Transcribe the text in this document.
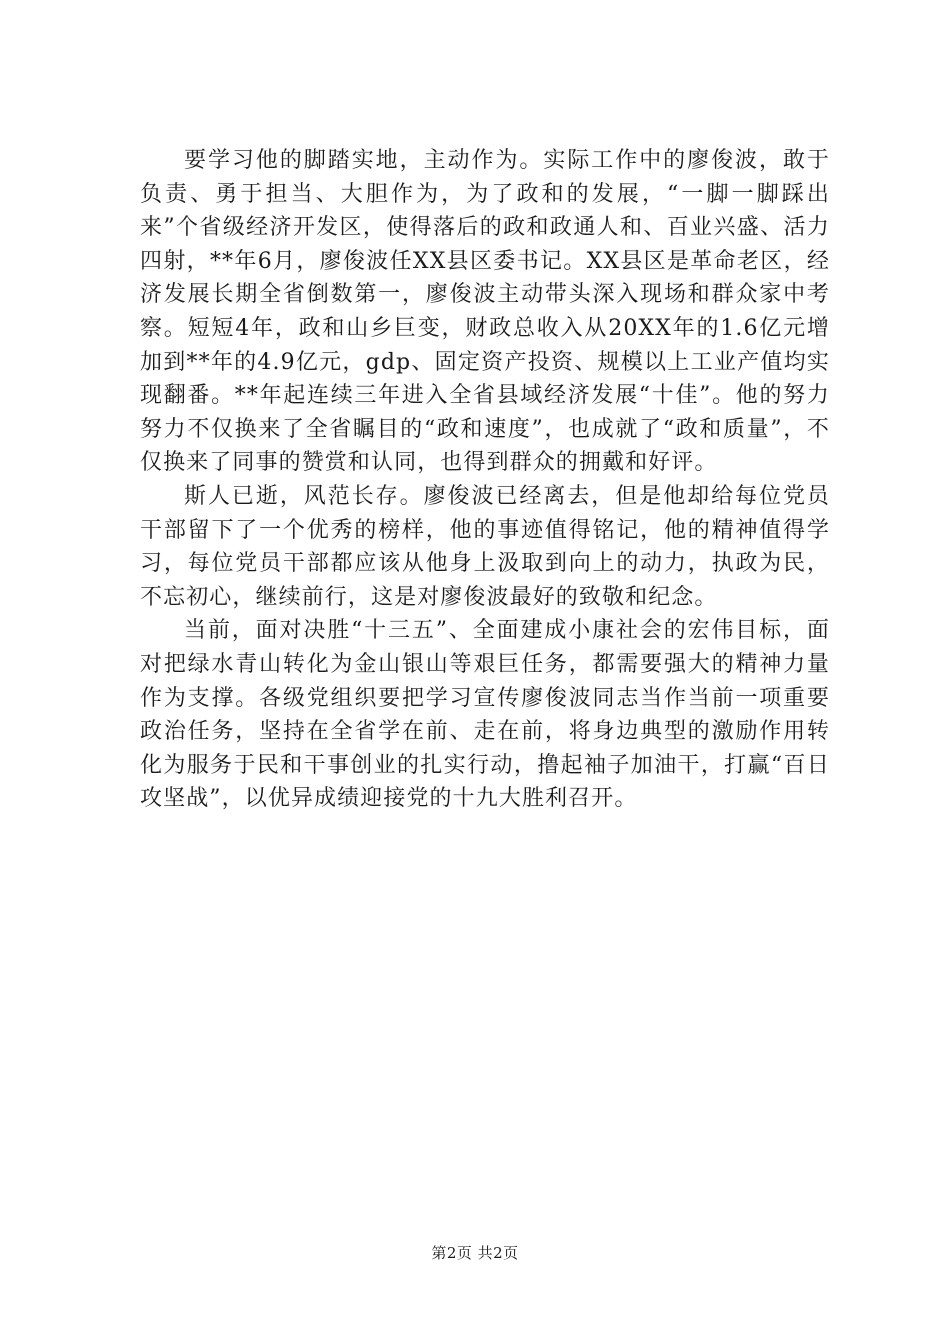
要学习他的脚踏实地，主动作为。实际工作中的廖俊波，敢于负责、勇于担当、大胆作为，为了政和的发展，“一脚一脚踩出来”个省级经济开发区，使得落后的政和政通人和、百业兴盛、活力四射，**年6月，廖俊波任XX县区委书记。XX县区是革命老区，经济发展长期全省倒数第一，廖俊波主动带头深入现场和群众家中考察。短短4年，政和山乡巨变，财政总收入从20XX年的1.6亿元增加到**年的4.9亿元，gdp、固定资产投资、规模以上工业产值均实现翻番。**年起连续三年进入全省县域经济发展“十佳”。他的努力努力不仅换来了全省瞩目的“政和速度”，也成就了“政和质量”，不仅换来了同事的赞赏和认同，也得到群众的拥戴和好评。

斯人已逝，风范长存。廖俊波已经离去，但是他却给每位党员干部留下了一个优秀的榜样，他的事迹值得铭记，他的精神值得学习，每位党员干部都应该从他身上汲取到向上的动力，执政为民，不忘初心，继续前行，这是对廖俊波最好的致敬和纪念。

当前，面对决胜“十三五”、全面建成小康社会的宏伟目标，面对把绿水青山转化为金山银山等艰巨任务，都需要强大的精神力量作为支撑。各级党组织要把学习宣传廖俊波同志当作当前一项重要政治任务，坚持在全省学在前、走在前，将身边典型的激励作用转化为服务于民和干事创业的扎实行动，撸起袖子加油干，打赢“百日攻坚战”，以优异成绩迎接党的十九大胜利召开。

第2页 共2页
